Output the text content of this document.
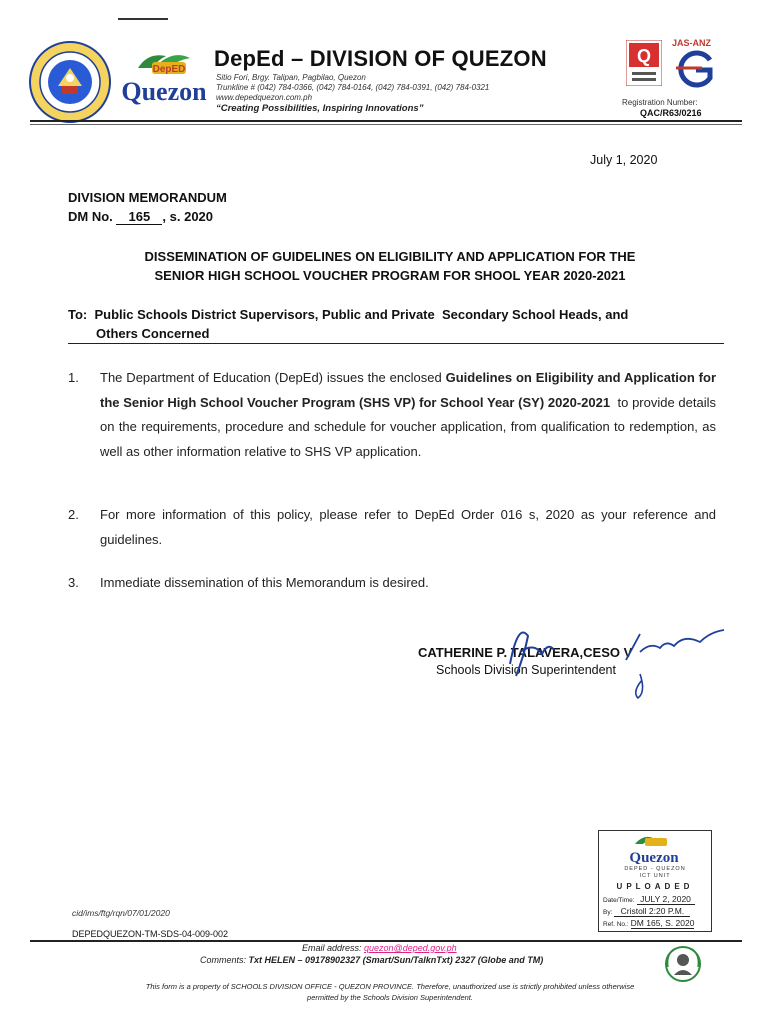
DepED
Quezon
DepEd – DIVISION OF QUEZON
Sitio Fori, Brgy. Talipan, Pagbilao, Quezon
Trunkline # (042) 784-0366, (042) 784-0164, (042) 784-0391, (042) 784-0321
www.depedquezon.com.ph
“Creating Possibilities, Inspiring Innovations”
Q
JAS-ANZ
Registration Number:
QAC/R63/0216
July 1, 2020
DIVISION MEMORANDUM
DM No. 165 , s. 2020
DISSEMINATION OF GUIDELINES ON ELIGIBILITY AND APPLICATION FOR THE
SENIOR HIGH SCHOOL VOUCHER PROGRAM FOR SHOOL YEAR 2020-2021
To:  Public Schools District Supervisors, Public and Private  Secondary School Heads, and
Others Concerned
1. The Department of Education (DepEd) issues the enclosed Guidelines on Eligibility and Application for the Senior High School Voucher Program (SHS VP) for School Year (SY) 2020-2021  to provide details on the requirements, procedure and schedule for voucher application, from qualification to redemption, as well as other information relative to SHS VP application.
2. For more information of this policy, please refer to DepEd Order 016 s, 2020 as your reference and guidelines.
3. Immediate dissemination of this Memorandum is desired.
CATHERINE P. TALAVERA,CESO V
Schools Division Superintendent
Quezon
DEPED - QUEZON
ICT UNIT
UPLOADED
Date/Time: JULY 2, 2020
By: Cristoll 2:20 P.M.
Ref. No.: DM 165, S. 2020
cid/ims/ftg/rqn/07/01/2020
DEPEDQUEZON-TM-SDS-04-009-002
Email address: quezon@deped.gov.ph
Comments: Txt HELEN – 09178902327 (Smart/Sun/TalknTxt) 2327 (Globe and TM)
This form is a property of SCHOOLS DIVISION OFFICE - QUEZON PROVINCE. Therefore, unauthorized use is strictly prohibited unless otherwise
permitted by the Schools Division Superintendent.
